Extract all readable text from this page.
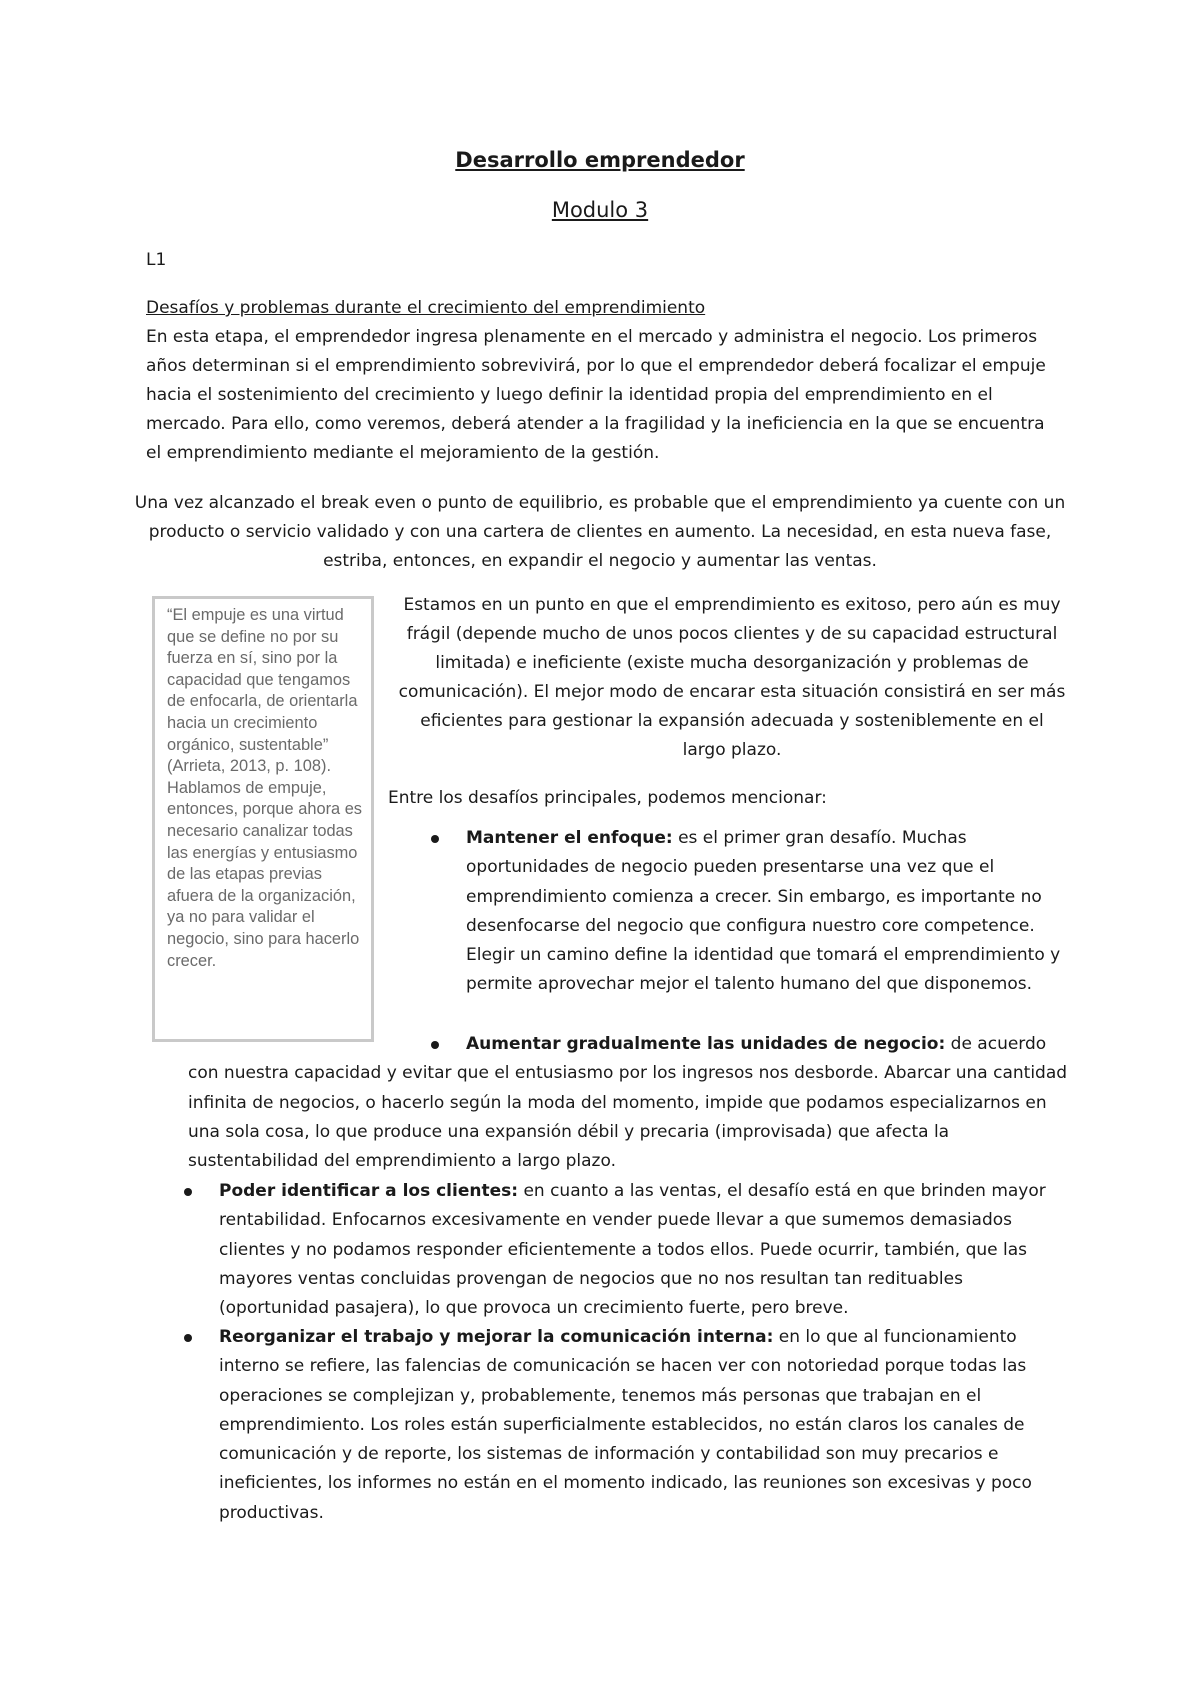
Desarrollo emprendedor
Modulo 3

L1

Desafíos y problemas durante el crecimiento del emprendimiento

En esta etapa, el emprendedor ingresa plenamente en el mercado y administra el negocio. Los primeros años determinan si el emprendimiento sobrevivirá, por lo que el emprendedor deberá focalizar el empuje hacia el sostenimiento del crecimiento y luego definir la identidad propia del emprendimiento en el mercado. Para ello, como veremos, deberá atender a la fragilidad y la ineficiencia en la que se encuentra el emprendimiento mediante el mejoramiento de la gestión.

Una vez alcanzado el break even o punto de equilibrio, es probable que el emprendimiento ya cuente con un producto o servicio validado y con una cartera de clientes en aumento. La necesidad, en esta nueva fase, estriba, entonces, en expandir el negocio y aumentar las ventas.

“El empuje es una virtud que se define no por su fuerza en sí, sino por la capacidad que tengamos de enfocarla, de orientarla hacia un crecimiento orgánico, sustentable” (Arrieta, 2013, p. 108). Hablamos de empuje, entonces, porque ahora es necesario canalizar todas las energías y entusiasmo de las etapas previas afuera de la organización, ya no para validar el negocio, sino para hacerlo crecer.

Estamos en un punto en que el emprendimiento es exitoso, pero aún es muy frágil (depende mucho de unos pocos clientes y de su capacidad estructural limitada) e ineficiente (existe mucha desorganización y problemas de comunicación). El mejor modo de encarar esta situación consistirá en ser más eficientes para gestionar la expansión adecuada y sosteniblemente en el largo plazo.

Entre los desafíos principales, podemos mencionar:

Mantener el enfoque: es el primer gran desafío. Muchas oportunidades de negocio pueden presentarse una vez que el emprendimiento comienza a crecer. Sin embargo, es importante no desenfocarse del negocio que configura nuestro core competence. Elegir un camino define la identidad que tomará el emprendimiento y permite aprovechar mejor el talento humano del que disponemos.

Aumentar gradualmente las unidades de negocio: de acuerdo con nuestra capacidad y evitar que el entusiasmo por los ingresos nos desborde. Abarcar una cantidad infinita de negocios, o hacerlo según la moda del momento, impide que podamos especializarnos en una sola cosa, lo que produce una expansión débil y precaria (improvisada) que afecta la sustentabilidad del emprendimiento a largo plazo.

Poder identificar a los clientes: en cuanto a las ventas, el desafío está en que brinden mayor rentabilidad. Enfocarnos excesivamente en vender puede llevar a que sumemos demasiados clientes y no podamos responder eficientemente a todos ellos. Puede ocurrir, también, que las mayores ventas concluidas provengan de negocios que no nos resultan tan redituables (oportunidad pasajera), lo que provoca un crecimiento fuerte, pero breve.

Reorganizar el trabajo y mejorar la comunicación interna: en lo que al funcionamiento interno se refiere, las falencias de comunicación se hacen ver con notoriedad porque todas las operaciones se complejizan y, probablemente, tenemos más personas que trabajan en el emprendimiento. Los roles están superficialmente establecidos, no están claros los canales de comunicación y de reporte, los sistemas de información y contabilidad son muy precarios e ineficientes, los informes no están en el momento indicado, las reuniones son excesivas y poco productivas.
